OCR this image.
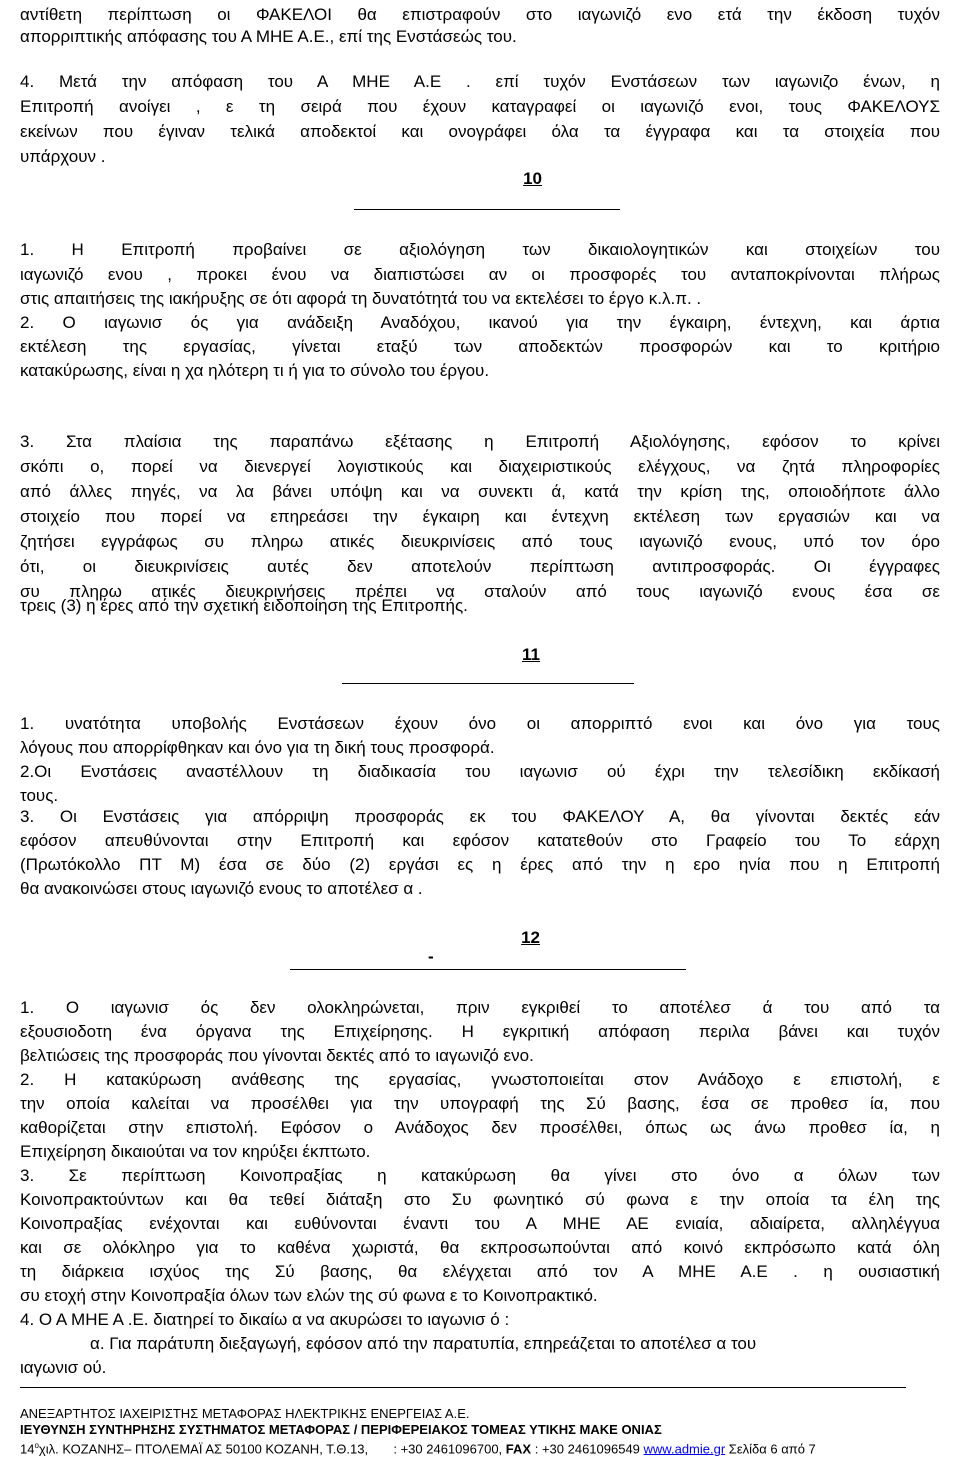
αντίθετη περίπτωση οι ΦΑΚΕΛΟΙ θα επιστραφούν στο ιαγωνιζό ενο ετά την έκδοση τυχόν
απορριπτικής απόφασης του Α ΜΗΕ Α.Ε., επί της Ενστάσεώς του.
4. Μετά την απόφαση του Α ΜΗΕ Α.Ε . επί τυχόν Ενστάσεων των ιαγωνιζο ένων, η
Επιτροπή ανοίγει , ε τη σειρά που έχουν καταγραφεί οι ιαγωνιζό ενοι, τους ΦΑΚΕΛΟΥΣ
εκείνων που έγιναν τελικά αποδεκτοί και ονογράφει όλα τα έγγραφα και τα στοιχεία που
υπάρχουν .
10
1. Η Επιτροπή προβαίνει σε αξιολόγηση των δικαιολογητικών και στοιχείων του
ιαγωνιζό ενου , προκει ένου να διαπιστώσει αν οι προσφορές του ανταποκρίνονται πλήρως
στις απαιτήσεις της ιακήρυξης σε ότι αφορά τη δυνατότητά του να εκτελέσει το έργο κ.λ.π. .
2. Ο ιαγωνισ ός για ανάδειξη Αναδόχου, ικανού για την έγκαιρη, έντεχνη, και άρτια
εκτέλεση της εργασίας, γίνεται εταξύ των αποδεκτών προσφορών και το κριτήριο
κατακύρωσης, είναι η χα ηλότερη τι ή για το σύνολο του έργου.
3. Στα πλαίσια της παραπάνω εξέτασης η Επιτροπή Αξιολόγησης, εφόσον το κρίνει
σκόπι ο, πορεί να διενεργεί λογιστικούς και διαχειριστικούς ελέγχους, να ζητά πληροφορίες
από άλλες πηγές, να λα βάνει υπόψη και να συνεκτι ά, κατά την κρίση της, οποιοδήποτε άλλο
στοιχείο που πορεί να επηρεάσει την έγκαιρη και έντεχνη εκτέλεση των εργασιών και να
ζητήσει εγγράφως συ πληρω ατικές διευκρινίσεις από τους ιαγωνιζό ενους, υπό τον όρο
ότι, οι διευκρινίσεις αυτές δεν αποτελούν περίπτωση αντιπροσφοράς. Οι έγγραφες
συ πληρω ατικές διευκρινήσεις πρέπει να σταλούν από τους ιαγωνιζό ενους έσα σε
τρεις (3) η έρες από την σχετική ειδοποίηση της Επιτροπής.
11
1. υνατότητα υποβολής Ενστάσεων έχουν όνο οι απορριπτό ενοι και όνο για τους
λόγους που απορρίφθηκαν και όνο για τη δική τους προσφορά.
2.Οι Ενστάσεις αναστέλλουν τη διαδικασία του ιαγωνισ ού έχρι την τελεσίδικη εκδίκασή
τους.
3. Οι Ενστάσεις για απόρριψη προσφοράς εκ του ΦΑΚΕΛΟΥ Α, θα γίνονται δεκτές εάν
εφόσον απευθύνονται στην Επιτροπή και εφόσον κατατεθούν στο Γραφείο του Το εάρχη
(Πρωτόκολλο ΠΤ Μ) έσα σε δύο (2) εργάσι ες η έρες από την η ερο ηνία που η Επιτροπή
θα ανακοινώσει στους ιαγωνιζό ενους το αποτέλεσ α .
12
-
1. Ο ιαγωνισ ός δεν ολοκληρώνεται, πριν εγκριθεί το αποτέλεσ ά του από τα
εξουσιοδοτη ένα όργανα της Επιχείρησης. Η εγκριτική απόφαση περιλα βάνει και τυχόν
βελτιώσεις της προσφοράς που γίνονται δεκτές από το ιαγωνιζό ενο.
2. Η κατακύρωση ανάθεσης της εργασίας, γνωστοποιείται στον Ανάδοχο ε επιστολή, ε
την οποία καλείται να προσέλθει για την υπογραφή της Σύ βασης, έσα σε προθεσ ία, που
καθορίζεται στην επιστολή. Εφόσον ο Ανάδοχος δεν προσέλθει, όπως ως άνω προθεσ ία, η
Επιχείρηση δικαιούται να τον κηρύξει έκπτωτο.
3. Σε περίπτωση Κοινοπραξίας η κατακύρωση θα γίνει στο όνο α όλων των
Κοινοπρακτούντων και θα τεθεί διάταξη στο Συ φωνητικό σύ φωνα ε την οποία τα έλη της
Κοινοπραξίας ενέχονται και ευθύνονται έναντι του Α ΜΗΕ ΑΕ ενιαία, αδιαίρετα, αλληλέγγυα
και σε ολόκληρο για το καθένα χωριστά, θα εκπροσωπούνται από κοινό εκπρόσωπο κατά όλη
τη διάρκεια ισχύος της Σύ βασης, θα ελέγχεται από τον Α ΜΗΕ Α.Ε . η ουσιαστική
συ ετοχή στην Κοινοπραξία όλων των ελών της σύ φωνα ε το Κοινοπρακτικό.
4. Ο Α ΜΗΕ Α .Ε. διατηρεί το δικαίω α να ακυρώσει το ιαγωνισ ό :
α. Για παράτυπη διεξαγωγή, εφόσον από την παρατυπία, επηρεάζεται το αποτέλεσ α του
ιαγωνισ ού.
ΑΝΕΞΑΡΤΗΤΟΣ ΙΑΧΕΙΡΙΣΤΗΣ ΜΕΤΑΦΟΡΑΣ ΗΛΕΚΤΡΙΚΗΣ ΕΝΕΡΓΕΙΑΣ Α.Ε.
ΙΕΥΘΥΝΣΗ ΣΥΝΤΗΡΗΣΗΣ ΣΥΣΤΗΜΑΤΟΣ ΜΕΤΑΦΟΡΑΣ / ΠΕΡΙΦΕΡΕΙΑΚΟΣ ΤΟΜΕΑΣ ΥΤΙΚΗΣ ΜΑΚΕ ΟΝΙΑΣ
$14^o\chi\iota\lambda$. ΚΟΖΑΝΗΣ– ΠΤΟΛΕΜΑΪ ΑΣ 50100 ΚΟΖΑΝΗ, Τ.Θ.13, : +30 2461096700, FAX : +30 2461096549 www.admie.gr Σελίδα 6 από 7
